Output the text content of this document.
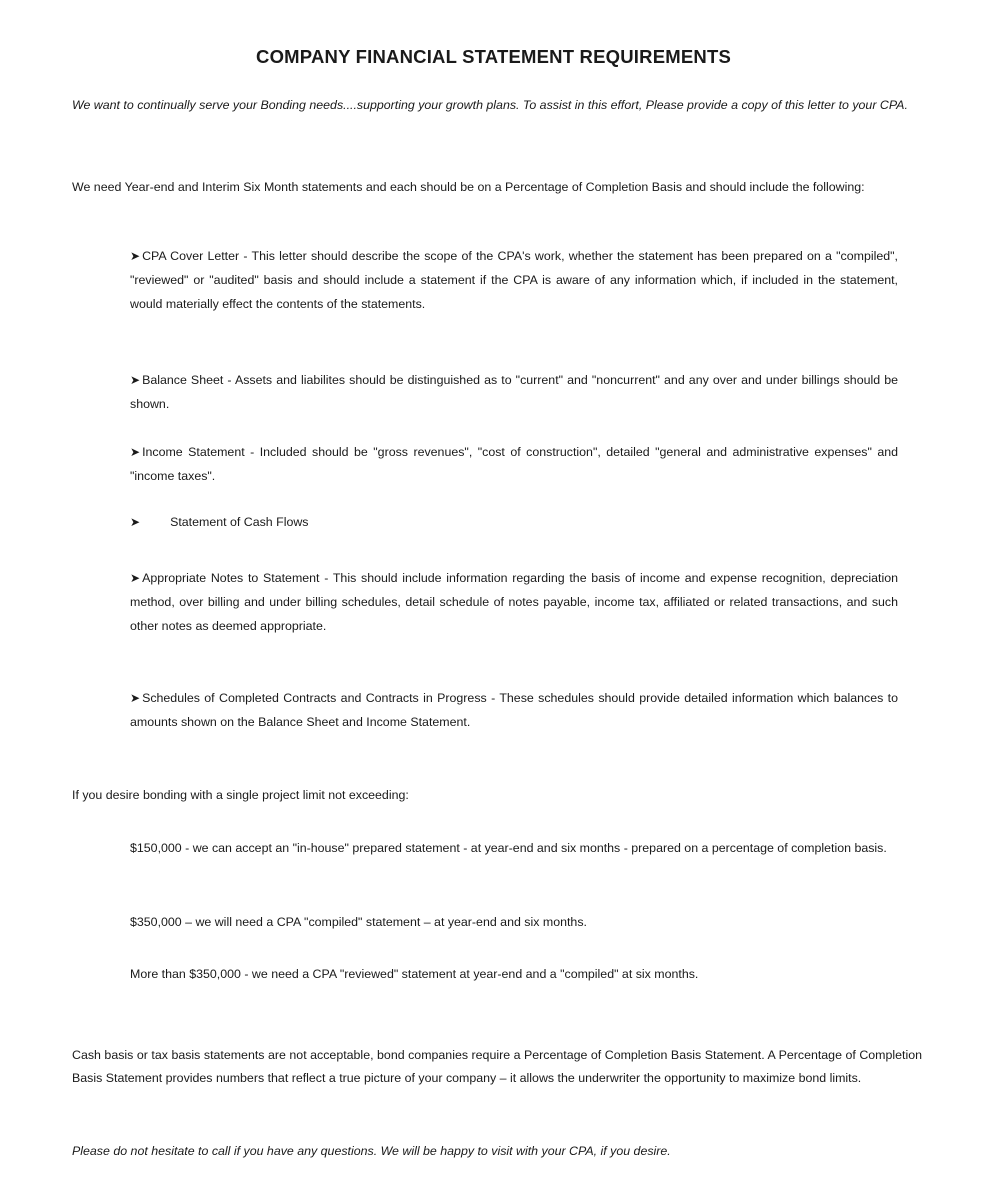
COMPANY FINANCIAL STATEMENT REQUIREMENTS
We want to continually serve your Bonding needs....supporting your growth plans. To assist in this effort, Please provide a copy of this letter to your CPA.
We need Year-end and Interim Six Month statements and each should be on a Percentage of Completion Basis and should include the following:
➤ CPA Cover Letter - This letter should describe the scope of the CPA's work, whether the statement has been prepared on a "compiled", "reviewed" or "audited" basis and should include a statement if the CPA is aware of any information which, if included in the statement, would materially effect the contents of the statements.
➤ Balance Sheet - Assets and liabilites should be distinguished as to "current" and "noncurrent" and any over and under billings should be shown.
➤ Income Statement - Included should be "gross revenues", "cost of construction", detailed "general and administrative expenses" and "income taxes".
➤ Statement of Cash Flows
➤ Appropriate Notes to Statement - This should include information regarding the basis of income and expense recognition, depreciation method, over billing and under billing schedules, detail schedule of notes payable, income tax, affiliated or related transactions, and such other notes as deemed appropriate.
➤ Schedules of Completed Contracts and Contracts in Progress - These schedules should provide detailed information which balances to amounts shown on the Balance Sheet and Income Statement.
If you desire bonding with a single project limit not exceeding:
$150,000 - we can accept an "in-house" prepared statement - at year-end and six months - prepared on a percentage of completion basis.
$350,000 – we will need a CPA "compiled" statement – at year-end and six months.
More than $350,000 - we need a CPA "reviewed" statement at year-end and a "compiled" at six months.
Cash basis or tax basis statements are not acceptable, bond companies require a Percentage of Completion Basis Statement. A Percentage of Completion Basis Statement provides numbers that reflect a true picture of your company – it allows the underwriter the opportunity to maximize bond limits.
Please do not hesitate to call if you have any questions. We will be happy to visit with your CPA, if you desire.
